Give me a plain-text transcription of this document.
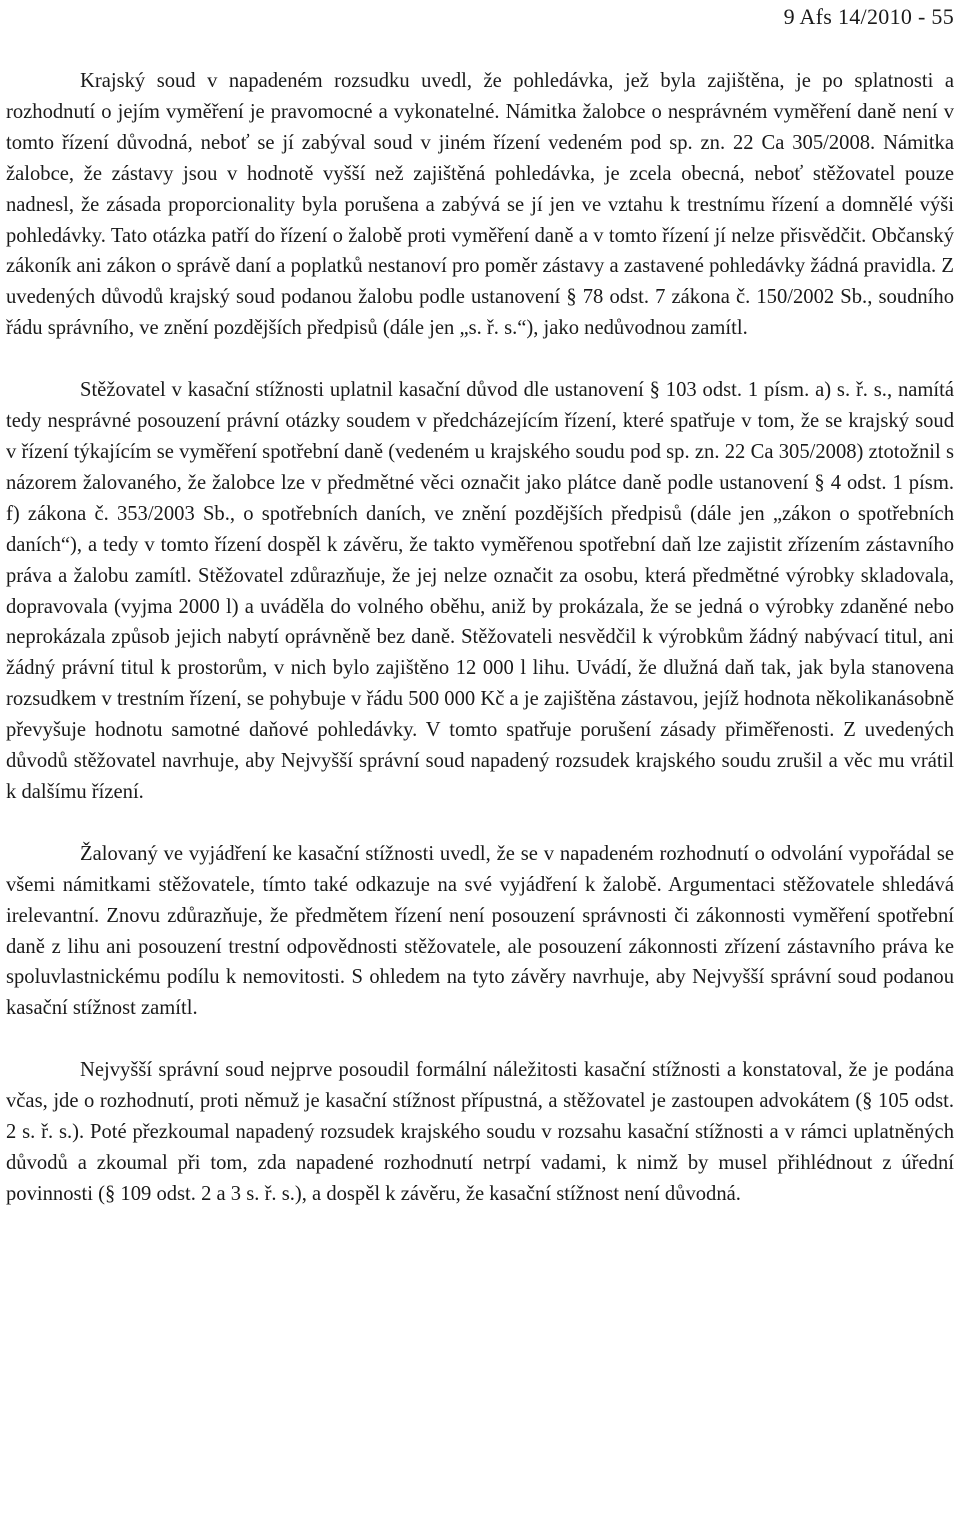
9 Afs 14/2010 - 55

Krajský soud v napadeném rozsudku uvedl, že pohledávka, jež byla zajištěna, je po splatnosti a rozhodnutí o jejím vyměření je pravomocné a vykonatelné. Námitka žalobce o nesprávném vyměření daně není v tomto řízení důvodná, neboť se jí zabýval soud v jiném řízení vedeném pod sp. zn. 22 Ca 305/2008. Námitka žalobce, že zástavy jsou v hodnotě vyšší než zajištěná pohledávka, je zcela obecná, neboť stěžovatel pouze nadnesl, že zásada proporcionality byla porušena a zabývá se jí jen ve vztahu k trestnímu řízení a domnělé výši pohledávky. Tato otázka patří do řízení o žalobě proti vyměření daně a v tomto řízení jí nelze přisvědčit. Občanský zákoník ani zákon o správě daní a poplatků nestanoví pro poměr zástavy a zastavené pohledávky žádná pravidla. Z uvedených důvodů krajský soud podanou žalobu podle ustanovení § 78 odst. 7 zákona č. 150/2002 Sb., soudního řádu správního, ve znění pozdějších předpisů (dále jen „s. ř. s.“), jako nedůvodnou zamítl.

Stěžovatel v kasační stížnosti uplatnil kasační důvod dle ustanovení § 103 odst. 1 písm. a) s. ř. s., namítá tedy nesprávné posouzení právní otázky soudem v předcházejícím řízení, které spatřuje v tom, že se krajský soud v řízení týkajícím se vyměření spotřební daně (vedeném u krajského soudu pod sp. zn. 22 Ca 305/2008) ztotožnil s názorem žalovaného, že žalobce lze v předmětné věci označit jako plátce daně podle ustanovení § 4 odst. 1 písm. f) zákona č. 353/2003 Sb., o spotřebních daních, ve znění pozdějších předpisů (dále jen „zákon o spotřebních daních“), a tedy v tomto řízení dospěl k závěru, že takto vyměřenou spotřební daň lze zajistit zřízením zástavního práva a žalobu zamítl. Stěžovatel zdůrazňuje, že jej nelze označit za osobu, která předmětné výrobky skladovala, dopravovala (vyjma 2000 l) a uváděla do volného oběhu, aniž by prokázala, že se jedná o výrobky zdaněné nebo neprokázala způsob jejich nabytí oprávněně bez daně. Stěžovateli nesvědčil k výrobkům žádný nabývací titul, ani žádný právní titul k prostorům, v nich bylo zajištěno 12 000 l lihu. Uvádí, že dlužná daň tak, jak byla stanovena rozsudkem v trestním řízení, se pohybuje v řádu 500 000 Kč a je zajištěna zástavou, jejíž hodnota několikanásobně převyšuje hodnotu samotné daňové pohledávky. V tomto spatřuje porušení zásady přiměřenosti. Z uvedených důvodů stěžovatel navrhuje, aby Nejvyšší správní soud napadený rozsudek krajského soudu zrušil a věc mu vrátil k dalšímu řízení.

Žalovaný ve vyjádření ke kasační stížnosti uvedl, že se v napadeném rozhodnutí o odvolání vypořádal se všemi námitkami stěžovatele, tímto také odkazuje na své vyjádření k žalobě. Argumentaci stěžovatele shledává irelevantní. Znovu zdůrazňuje, že předmětem řízení není posouzení správnosti či zákonnosti vyměření spotřební daně z lihu ani posouzení trestní odpovědnosti stěžovatele, ale posouzení zákonnosti zřízení zástavního práva ke spoluvlastnickému podílu k nemovitosti. S ohledem na tyto závěry navrhuje, aby Nejvyšší správní soud podanou kasační stížnost zamítl.

Nejvyšší správní soud nejprve posoudil formální náležitosti kasační stížnosti a konstatoval, že je podána včas, jde o rozhodnutí, proti němuž je kasační stížnost přípustná, a stěžovatel je zastoupen advokátem (§ 105 odst. 2 s. ř. s.). Poté přezkoumal napadený rozsudek krajského soudu v rozsahu kasační stížnosti a v rámci uplatněných důvodů a zkoumal při tom, zda napadené rozhodnutí netrpí vadami, k nimž by musel přihlédnout z úřední povinnosti (§ 109 odst. 2 a 3 s. ř. s.), a dospěl k závěru, že kasační stížnost není důvodná.
